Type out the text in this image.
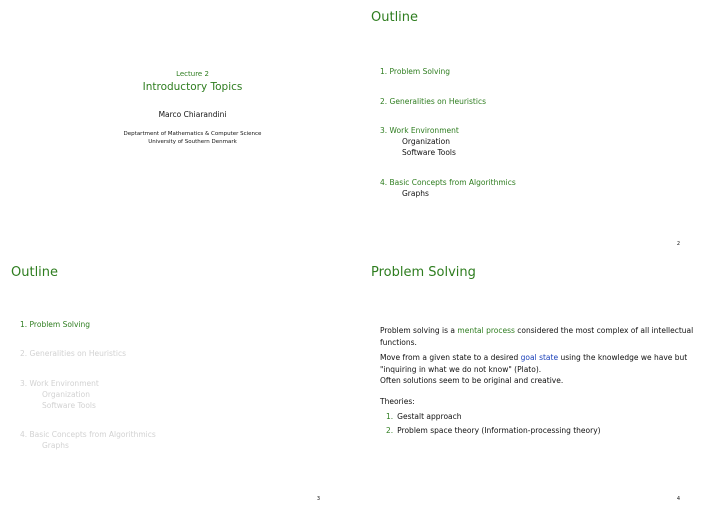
Lecture 2
Introductory Topics
Marco Chiarandini
Deptartment of Mathematics & Computer Science
University of Southern Denmark
Outline
1. Problem Solving
2. Generalities on Heuristics
3. Work Environment
Organization
Software Tools
4. Basic Concepts from Algorithmics
Graphs
2
Outline
1. Problem Solving
2. Generalities on Heuristics
3. Work Environment
Organization
Software Tools
4. Basic Concepts from Algorithmics
Graphs
3
Problem Solving

Problem solving is a mental process considered the most complex of all intellectual functions.

Move from a given state to a desired goal state using the knowledge we have but "inquiring in what we do not know" (Plato).

Often solutions seem to be original and creative.

Theories:

1. Gestalt approach
2. Problem space theory (Information-processing theory)
4
